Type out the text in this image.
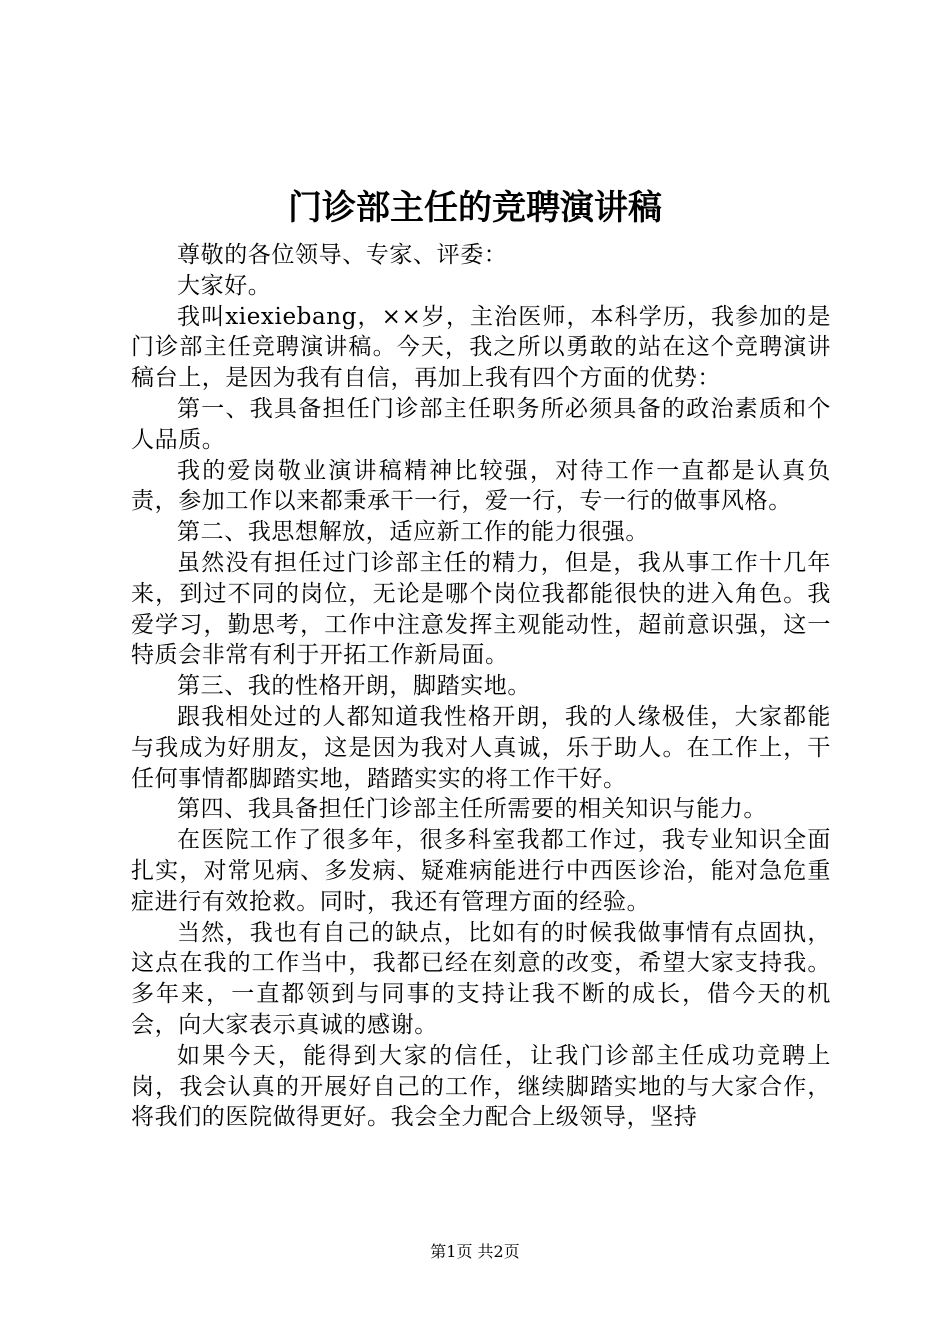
门诊部主任的竞聘演讲稿

尊敬的各位领导、专家、评委：

大家好。

我叫xiexiebang，××岁，主治医师，本科学历，我参加的是门诊部主任竞聘演讲稿。今天，我之所以勇敢的站在这个竞聘演讲稿台上，是因为我有自信，再加上我有四个方面的优势：

第一、我具备担任门诊部主任职务所必须具备的政治素质和个人品质。

我的爱岗敬业演讲稿精神比较强，对待工作一直都是认真负责，参加工作以来都秉承干一行，爱一行，专一行的做事风格。

第二、我思想解放，适应新工作的能力很强。

虽然没有担任过门诊部主任的精力，但是，我从事工作十几年来，到过不同的岗位，无论是哪个岗位我都能很快的进入角色。我爱学习，勤思考，工作中注意发挥主观能动性，超前意识强，这一特质会非常有利于开拓工作新局面。

第三、我的性格开朗，脚踏实地。

跟我相处过的人都知道我性格开朗，我的人缘极佳，大家都能与我成为好朋友，这是因为我对人真诚，乐于助人。在工作上，干任何事情都脚踏实地，踏踏实实的将工作干好。

第四、我具备担任门诊部主任所需要的相关知识与能力。

在医院工作了很多年，很多科室我都工作过，我专业知识全面扎实，对常见病、多发病、疑难病能进行中西医诊治，能对急危重症进行有效抢救。同时，我还有管理方面的经验。

当然，我也有自己的缺点，比如有的时候我做事情有点固执，这点在我的工作当中，我都已经在刻意的改变，希望大家支持我。多年来，一直都领到与同事的支持让我不断的成长，借今天的机会，向大家表示真诚的感谢。

如果今天，能得到大家的信任，让我门诊部主任成功竞聘上岗，我会认真的开展好自己的工作，继续脚踏实地的与大家合作，将我们的医院做得更好。我会全力配合上级领导，坚持

第1页 共2页
